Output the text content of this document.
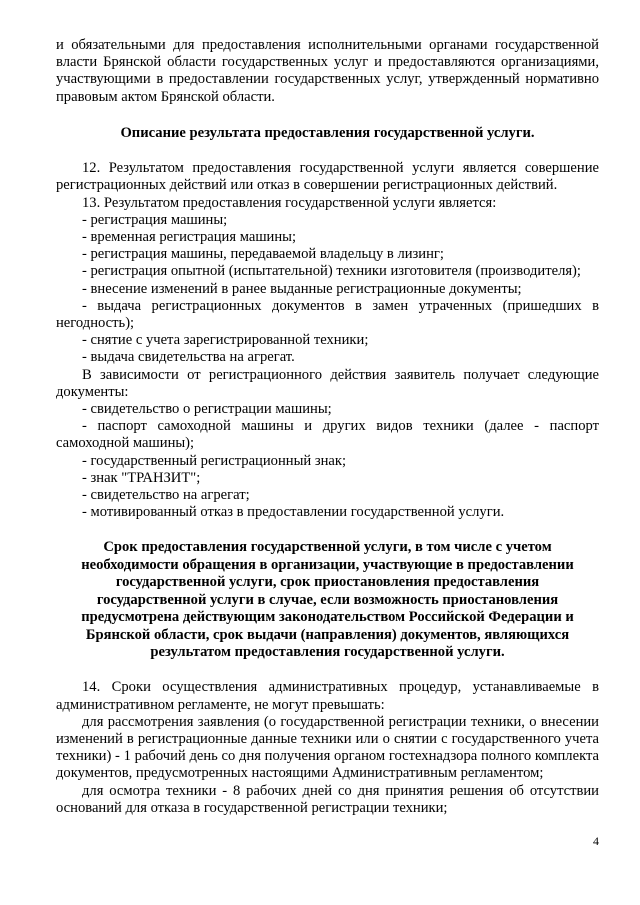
и обязательными для предоставления исполнительными органами государственной власти Брянской области государственных услуг и предоставляются организациями, участвующими в предоставлении государственных услуг, утвержденный нормативно правовым актом Брянской области.

Описание результата предоставления государственной услуги.

12. Результатом предоставления государственной услуги является совершение регистрационных действий или отказ в совершении регистрационных действий.

13. Результатом предоставления государственной услуги является:

- регистрация машины;

- временная регистрация машины;

- регистрация машины, передаваемой владельцу в лизинг;

- регистрация опытной (испытательной) техники изготовителя (производителя);

- внесение изменений в ранее выданные регистрационные документы;

- выдача регистрационных документов в замен утраченных (пришедших в негодность);

- снятие с учета зарегистрированной техники;

- выдача свидетельства на агрегат.

В зависимости от регистрационного действия заявитель получает следующие документы:

- свидетельство о регистрации машины;

- паспорт самоходной машины и других видов техники (далее - паспорт самоходной машины);

- государственный регистрационный знак;

- знак "ТРАНЗИТ";

- свидетельство на агрегат;

- мотивированный отказ в предоставлении государственной услуги.

Срок предоставления государственной услуги, в том числе с учетом необходимости обращения в организации, участвующие в предоставлении государственной услуги, срок приостановления предоставления государственной услуги в случае, если возможность приостановления предусмотрена действующим законодательством Российской Федерации и Брянской области, срок выдачи (направления) документов, являющихся результатом предоставления государственной услуги.

14. Сроки осуществления административных процедур, устанавливаемые в административном регламенте, не могут превышать:

для рассмотрения заявления (о государственной регистрации техники, о внесении изменений в регистрационные данные техники или о снятии с государственного учета техники) - 1 рабочий день со дня получения органом гостехнадзора полного комплекта документов, предусмотренных настоящими Административным регламентом;

для осмотра техники - 8 рабочих дней со дня принятия решения об отсутствии оснований для отказа в государственной регистрации техники;

4
